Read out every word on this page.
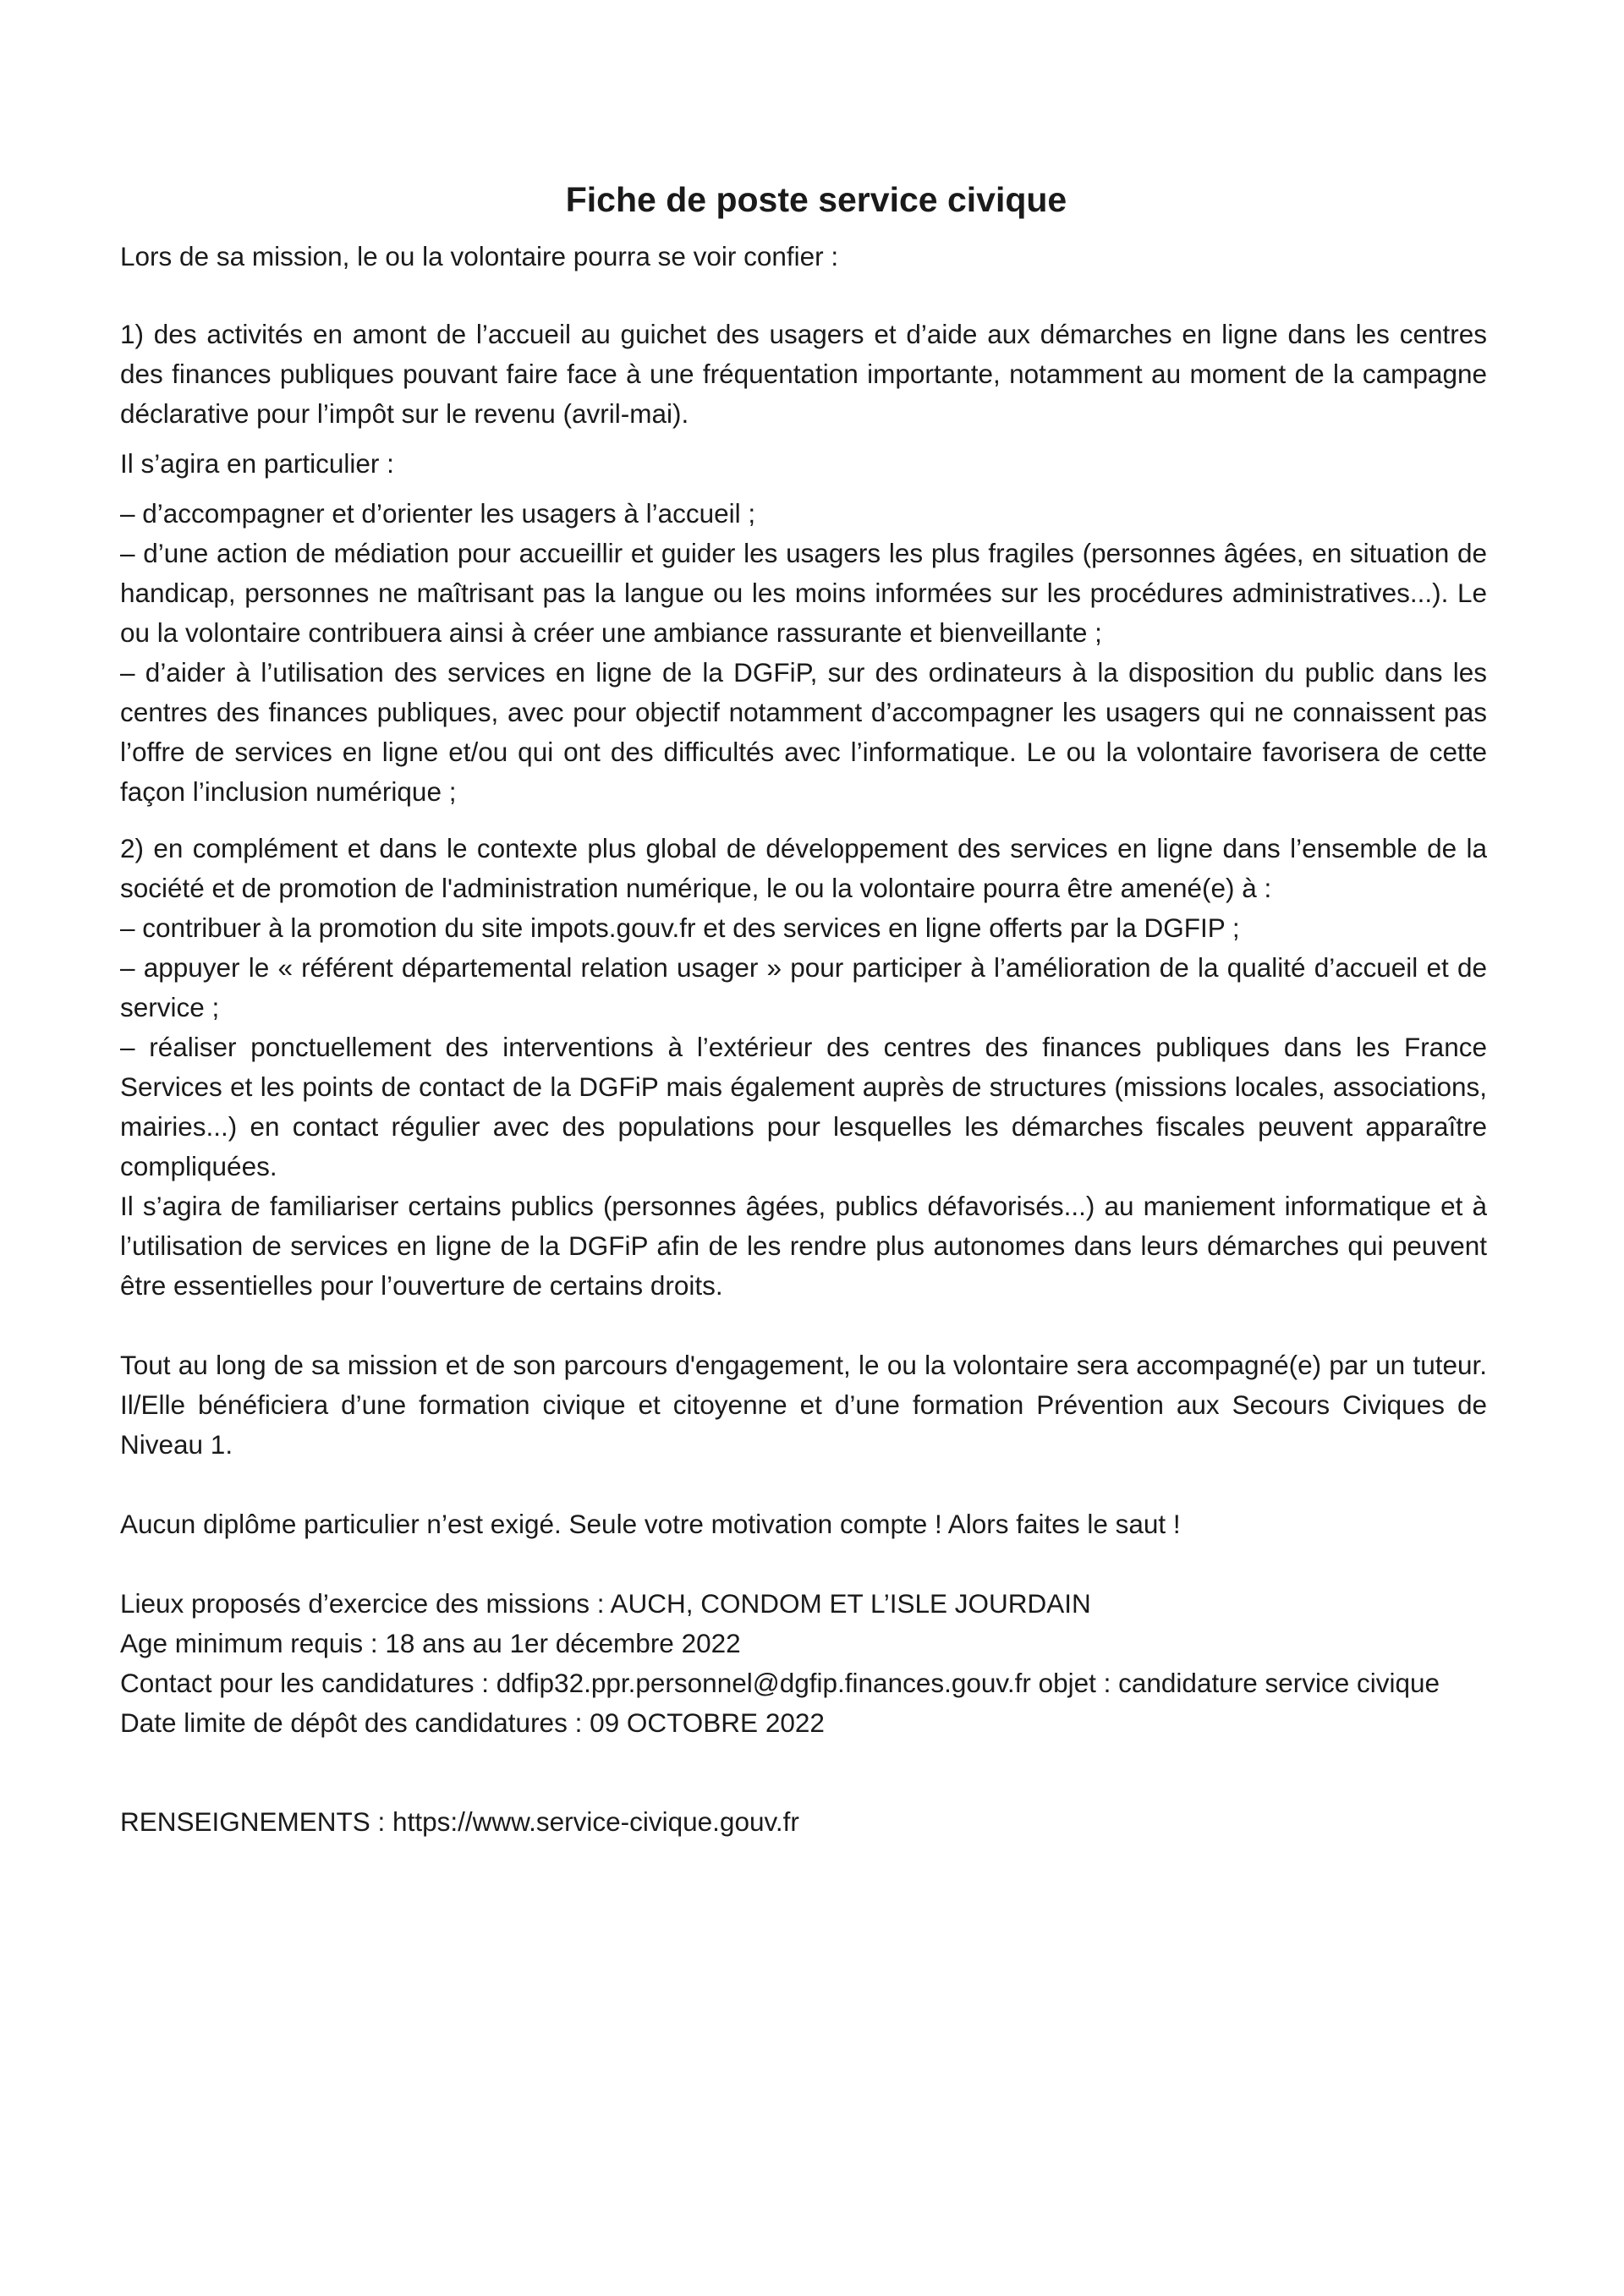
Fiche de poste service civique

Lors de sa mission, le ou la volontaire pourra se voir confier :

1) des activités en amont de l’accueil au guichet des usagers et d’aide aux démarches en ligne dans les centres des finances publiques pouvant faire face à une fréquentation importante, notamment au moment de la campagne déclarative pour l’impôt sur le revenu (avril-mai).

Il s’agira en particulier :

– d’accompagner et d’orienter les usagers à l’accueil ;

– d’une action de médiation pour accueillir et guider les usagers les plus fragiles (personnes âgées, en situation de handicap, personnes ne maîtrisant pas la langue ou les moins informées sur les procédures administratives...). Le ou la volontaire contribuera ainsi à créer une ambiance rassurante et bienveillante ;

– d’aider à l’utilisation des services en ligne de la DGFiP, sur des ordinateurs à la disposition du public dans les centres des finances publiques, avec pour objectif notamment d’accompagner les usagers qui ne connaissent pas l’offre de services en ligne et/ou qui ont des difficultés avec l’informatique. Le ou la volontaire favorisera de cette façon l’inclusion numérique ;

2) en complément et dans le contexte plus global de développement des services en ligne dans l’ensemble de la société et de promotion de l'administration numérique, le ou la volontaire pourra être amené(e) à :

– contribuer à la promotion du site impots.gouv.fr et des services en ligne offerts par la DGFIP ;

– appuyer le « référent départemental relation usager » pour participer à l’amélioration de la qualité d’accueil et de service ;

– réaliser ponctuellement des interventions à l’extérieur des centres des finances publiques dans les France Services et les points de contact de la DGFiP mais également auprès de structures (missions locales, associations, mairies...) en contact régulier avec des populations pour lesquelles les démarches fiscales peuvent apparaître compliquées.

Il s’agira de familiariser certains publics (personnes âgées, publics défavorisés...) au maniement informatique et à l’utilisation de services en ligne de la DGFiP afin de les rendre plus autonomes dans leurs démarches qui peuvent être essentielles pour l’ouverture de certains droits.

Tout au long de sa mission et de son parcours d'engagement, le ou la volontaire sera accompagné(e) par un tuteur. Il/Elle bénéficiera d’une formation civique et citoyenne et d’une formation Prévention aux Secours Civiques de Niveau 1.

Aucun diplôme particulier n’est exigé. Seule votre motivation compte ! Alors faites le saut !

Lieux proposés d’exercice des missions : AUCH, CONDOM ET L’ISLE JOURDAIN

Age minimum requis : 18 ans au 1er décembre 2022

Contact pour les candidatures : ddfip32.ppr.personnel@dgfip.finances.gouv.fr objet : candidature service civique

Date limite de dépôt des candidatures : 09 OCTOBRE 2022

RENSEIGNEMENTS : https://www.service-civique.gouv.fr
